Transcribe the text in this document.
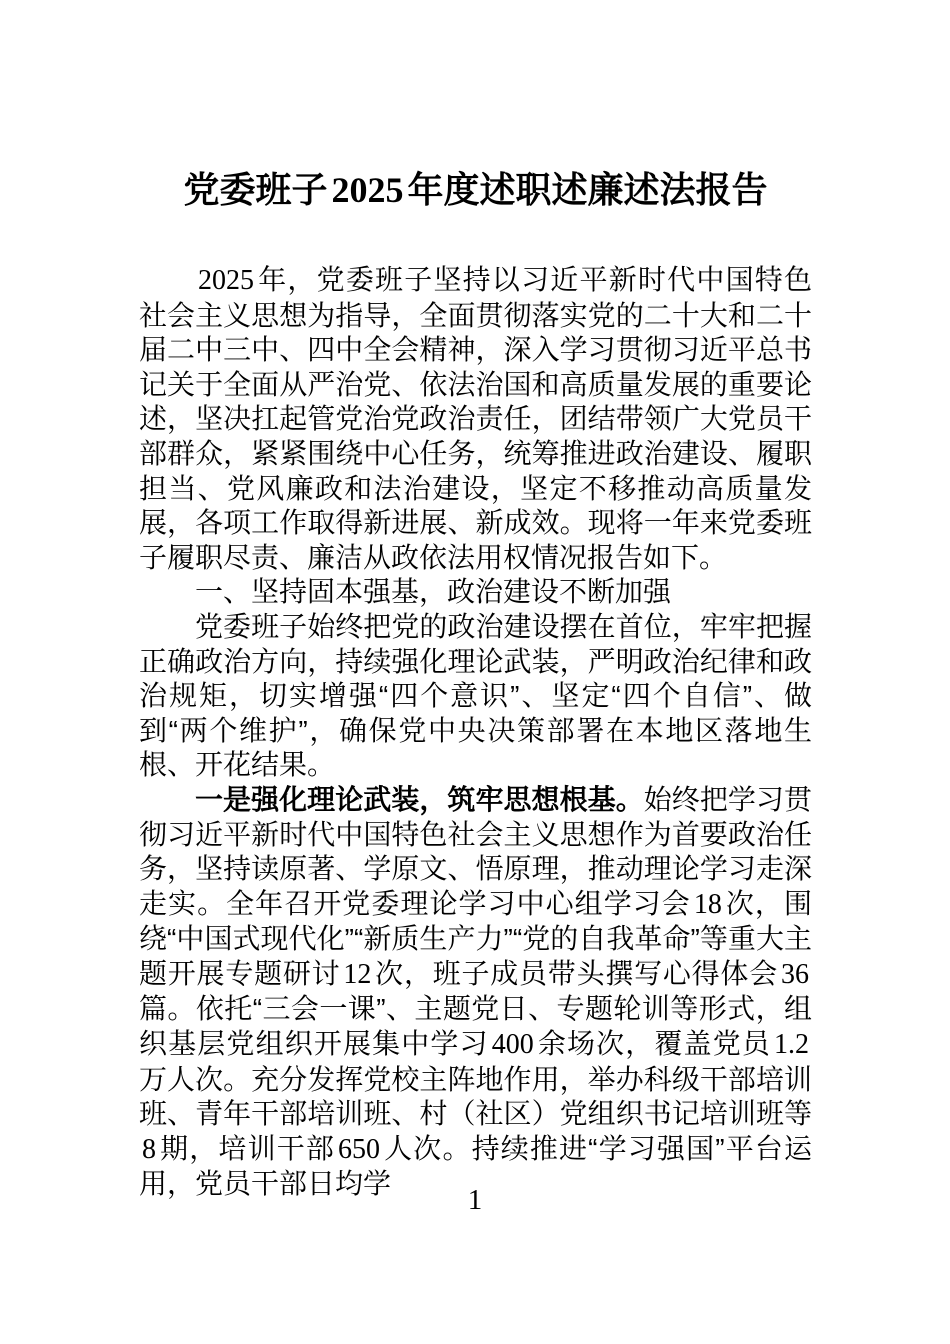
党委班子 2025 年度述职述廉述法报告

2025 年，党委班子坚持以习近平新时代中国特色社会主义思想为指导，全面贯彻落实党的二十大和二十届二中三中、四中全会精神，深入学习贯彻习近平总书记关于全面从严治党、依法治国和高质量发展的重要论述，坚决扛起管党治党政治责任，团结带领广大党员干部群众，紧紧围绕中心任务，统筹推进政治建设、履职担当、党风廉政和法治建设，坚定不移推动高质量发展，各项工作取得新进展、新成效。现将一年来党委班子履职尽责、廉洁从政依法用权情况报告如下。

一、坚持固本强基，政治建设不断加强

党委班子始终把党的政治建设摆在首位，牢牢把握正确政治方向，持续强化理论武装，严明政治纪律和政治规矩，切实增强“四个意识”、坚定“四个自信”、做到“两个维护”，确保党中央决策部署在本地区落地生根、开花结果。

一是强化理论武装，筑牢思想根基。始终把学习贯彻习近平新时代中国特色社会主义思想作为首要政治任务，坚持读原著、学原文、悟原理，推动理论学习走深走实。全年召开党委理论学习中心组学习会 18 次，围绕“中国式现代化”“新质生产力”“党的自我革命”等重大主题开展专题研讨 12 次，班子成员带头撰写心得体会 36篇。依托“三会一课”、主题党日、专题轮训等形式，组织基层党组织开展集中学习 400 余场次，覆盖党员 1.2万人次。充分发挥党校主阵地作用，举办科级干部培训班、青年干部培训班、村（社区）党组织书记培训班等8 期，培训干部 650 人次。持续推进“学习强国”平台运用，党员干部日均学

1
